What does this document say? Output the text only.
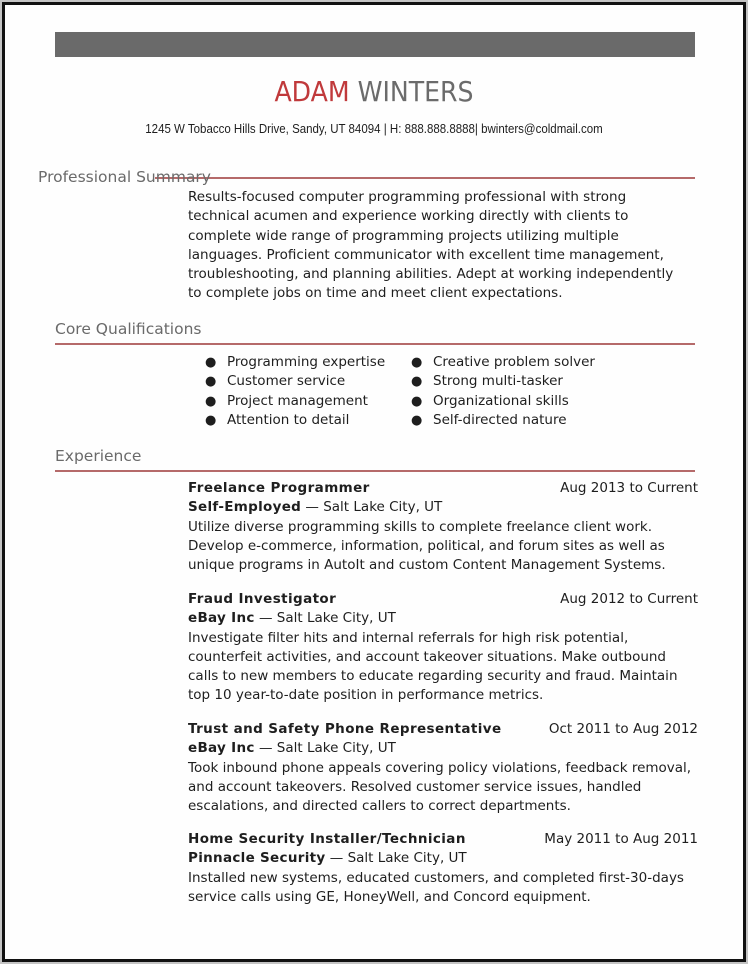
ADAM WINTERS
1245 W Tobacco Hills Drive, Sandy, UT 84094 | H: 888.888.8888| bwinters@coldmail.com
Professional Summary
Results-focused computer programming professional with strong
technical acumen and experience working directly with clients to
complete wide range of programming projects utilizing multiple
languages. Proficient communicator with excellent time management,
troubleshooting, and planning abilities. Adept at working independently
to complete jobs on time and meet client expectations.
Core Qualifications
● Programming expertise
● Customer service
● Project management
● Attention to detail
● Creative problem solver
● Strong multi-tasker
● Organizational skills
● Self-directed nature
Experience
Freelance Programmer	Aug 2013 to Current
Self-Employed — Salt Lake City, UT
Utilize diverse programming skills to complete freelance client work.
Develop e-commerce, information, political, and forum sites as well as
unique programs in AutoIt and custom Content Management Systems.
Fraud Investigator	Aug 2012 to Current
eBay Inc — Salt Lake City, UT
Investigate filter hits and internal referrals for high risk potential,
counterfeit activities, and account takeover situations. Make outbound
calls to new members to educate regarding security and fraud. Maintain
top 10 year-to-date position in performance metrics.
Trust and Safety Phone Representative	Oct 2011 to Aug 2012
eBay Inc — Salt Lake City, UT
Took inbound phone appeals covering policy violations, feedback removal,
and account takeovers. Resolved customer service issues, handled
escalations, and directed callers to correct departments.
Home Security Installer/Technician	May 2011 to Aug 2011
Pinnacle Security — Salt Lake City, UT
Installed new systems, educated customers, and completed first-30-days
service calls using GE, HoneyWell, and Concord equipment.
